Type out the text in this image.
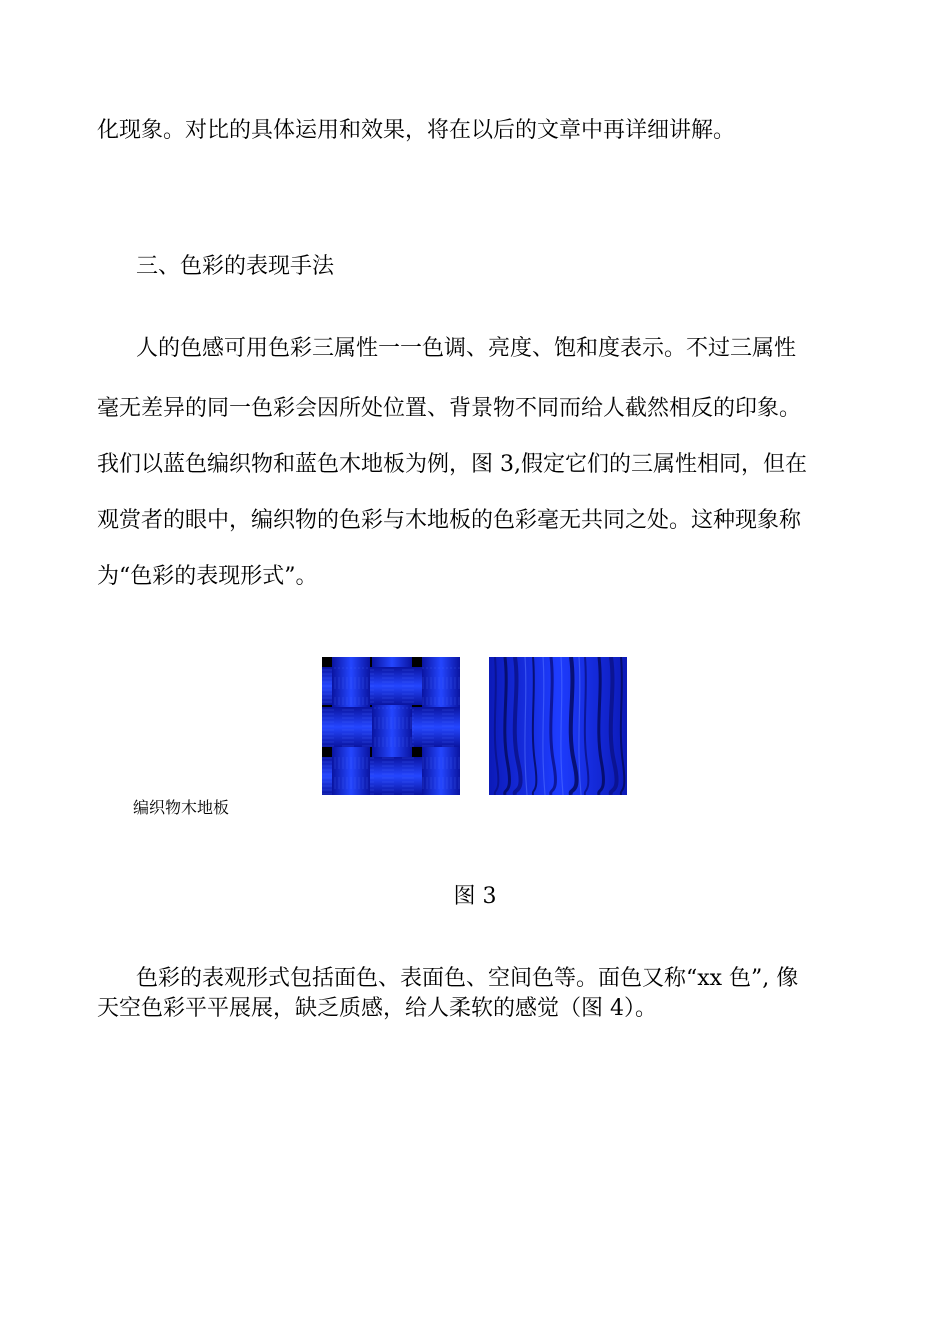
化现象。对比的具体运用和效果，将在以后的文章中再详细讲解。
三、色彩的表现手法
人的色感可用色彩三属性一一色调、亮度、饱和度表示。不过三属性
毫无差异的同一色彩会因所处位置、背景物不同而给人截然相反的印象。
我们以蓝色编织物和蓝色木地板为例，图 3,假定它们的三属性相同，但在
观赏者的眼中，编织物的色彩与木地板的色彩毫无共同之处。这种现象称
为“色彩的表现形式”。
编织物木地板
图 3
色彩的表观形式包括面色、表面色、空间色等。面色又称“xx 色”, 像
天空色彩平平展展，缺乏质感，给人柔软的感觉（图 4）。
